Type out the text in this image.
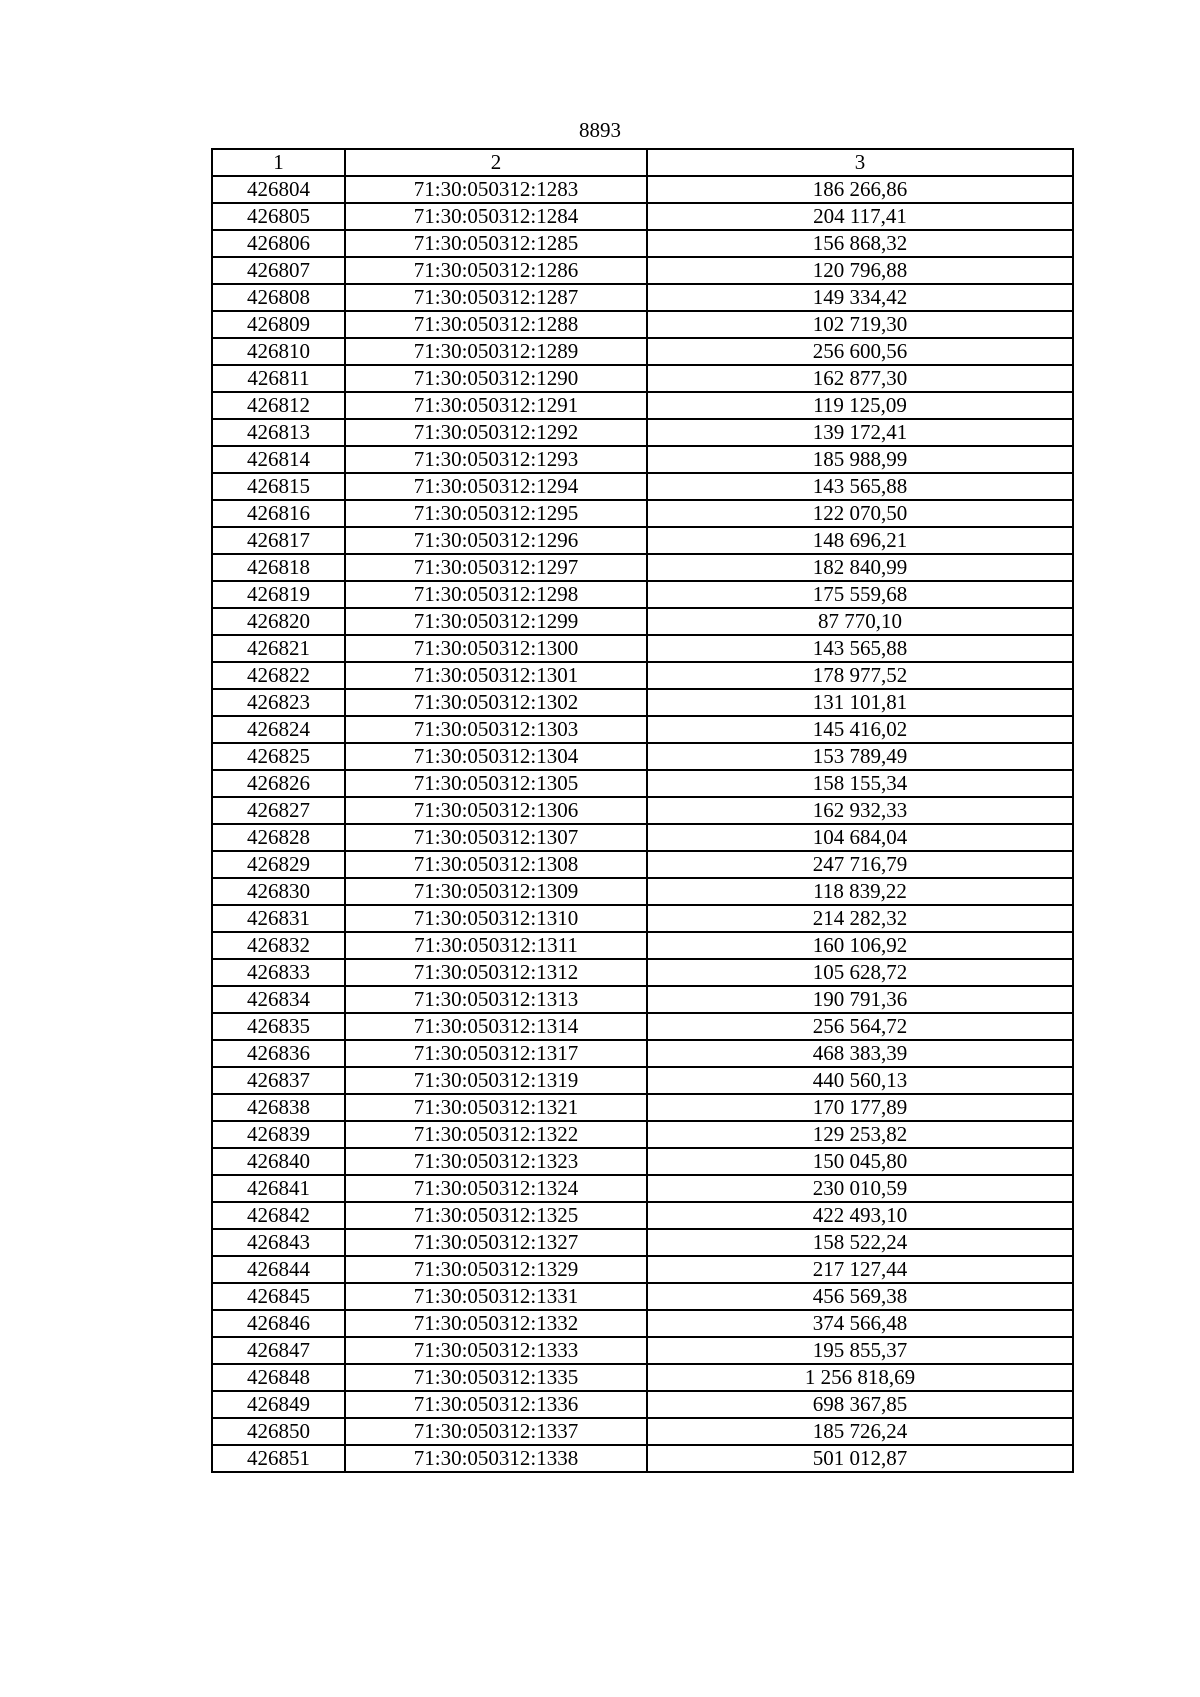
8893
1	2	3
426804	71:30:050312:1283	186 266,86
426805	71:30:050312:1284	204 117,41
426806	71:30:050312:1285	156 868,32
426807	71:30:050312:1286	120 796,88
426808	71:30:050312:1287	149 334,42
426809	71:30:050312:1288	102 719,30
426810	71:30:050312:1289	256 600,56
426811	71:30:050312:1290	162 877,30
426812	71:30:050312:1291	119 125,09
426813	71:30:050312:1292	139 172,41
426814	71:30:050312:1293	185 988,99
426815	71:30:050312:1294	143 565,88
426816	71:30:050312:1295	122 070,50
426817	71:30:050312:1296	148 696,21
426818	71:30:050312:1297	182 840,99
426819	71:30:050312:1298	175 559,68
426820	71:30:050312:1299	87 770,10
426821	71:30:050312:1300	143 565,88
426822	71:30:050312:1301	178 977,52
426823	71:30:050312:1302	131 101,81
426824	71:30:050312:1303	145 416,02
426825	71:30:050312:1304	153 789,49
426826	71:30:050312:1305	158 155,34
426827	71:30:050312:1306	162 932,33
426828	71:30:050312:1307	104 684,04
426829	71:30:050312:1308	247 716,79
426830	71:30:050312:1309	118 839,22
426831	71:30:050312:1310	214 282,32
426832	71:30:050312:1311	160 106,92
426833	71:30:050312:1312	105 628,72
426834	71:30:050312:1313	190 791,36
426835	71:30:050312:1314	256 564,72
426836	71:30:050312:1317	468 383,39
426837	71:30:050312:1319	440 560,13
426838	71:30:050312:1321	170 177,89
426839	71:30:050312:1322	129 253,82
426840	71:30:050312:1323	150 045,80
426841	71:30:050312:1324	230 010,59
426842	71:30:050312:1325	422 493,10
426843	71:30:050312:1327	158 522,24
426844	71:30:050312:1329	217 127,44
426845	71:30:050312:1331	456 569,38
426846	71:30:050312:1332	374 566,48
426847	71:30:050312:1333	195 855,37
426848	71:30:050312:1335	1 256 818,69
426849	71:30:050312:1336	698 367,85
426850	71:30:050312:1337	185 726,24
426851	71:30:050312:1338	501 012,87
